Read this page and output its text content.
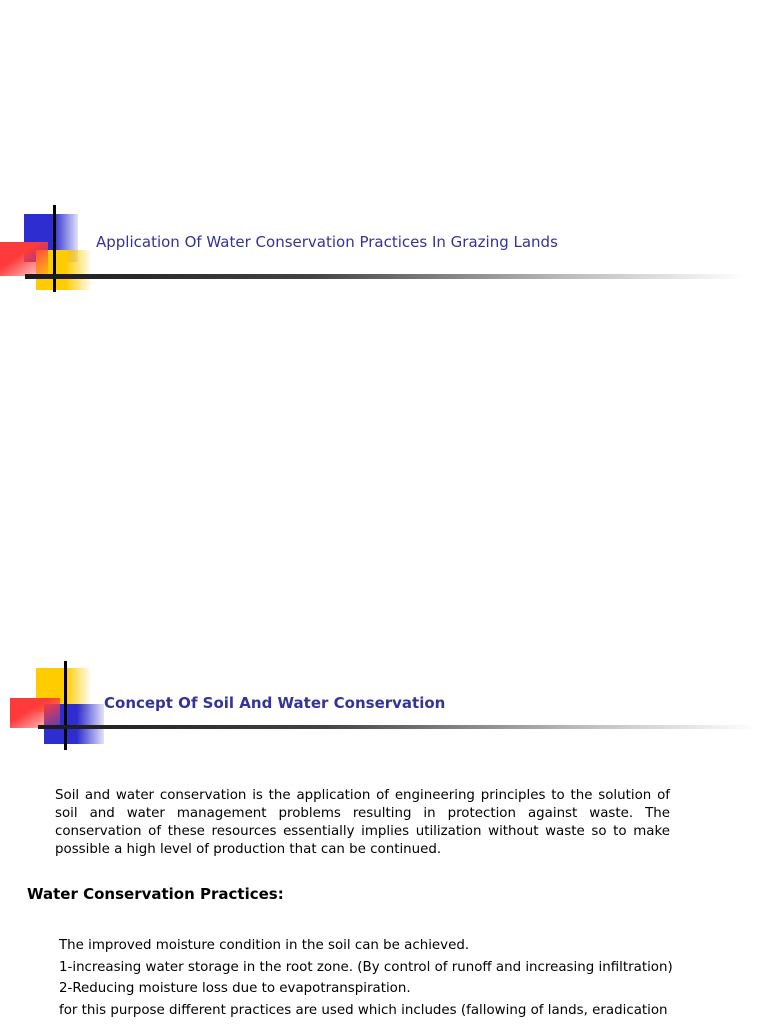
Application Of Water Conservation Practices In Grazing Lands
Concept Of Soil And Water Conservation
Soil and water conservation is the application of engineering principles to the solution of soil and water management problems resulting in protection against waste. The conservation of these resources essentially implies utilization without waste so to make possible a high level of production that can be continued.
Water Conservation Practices:
The improved moisture condition in the soil can be achieved.
1-increasing water storage in the root zone. (By control of runoff and increasing infiltration)
2-Reducing moisture loss due to evapotranspiration.
for this purpose different practices are used which includes (fallowing of lands, eradication
